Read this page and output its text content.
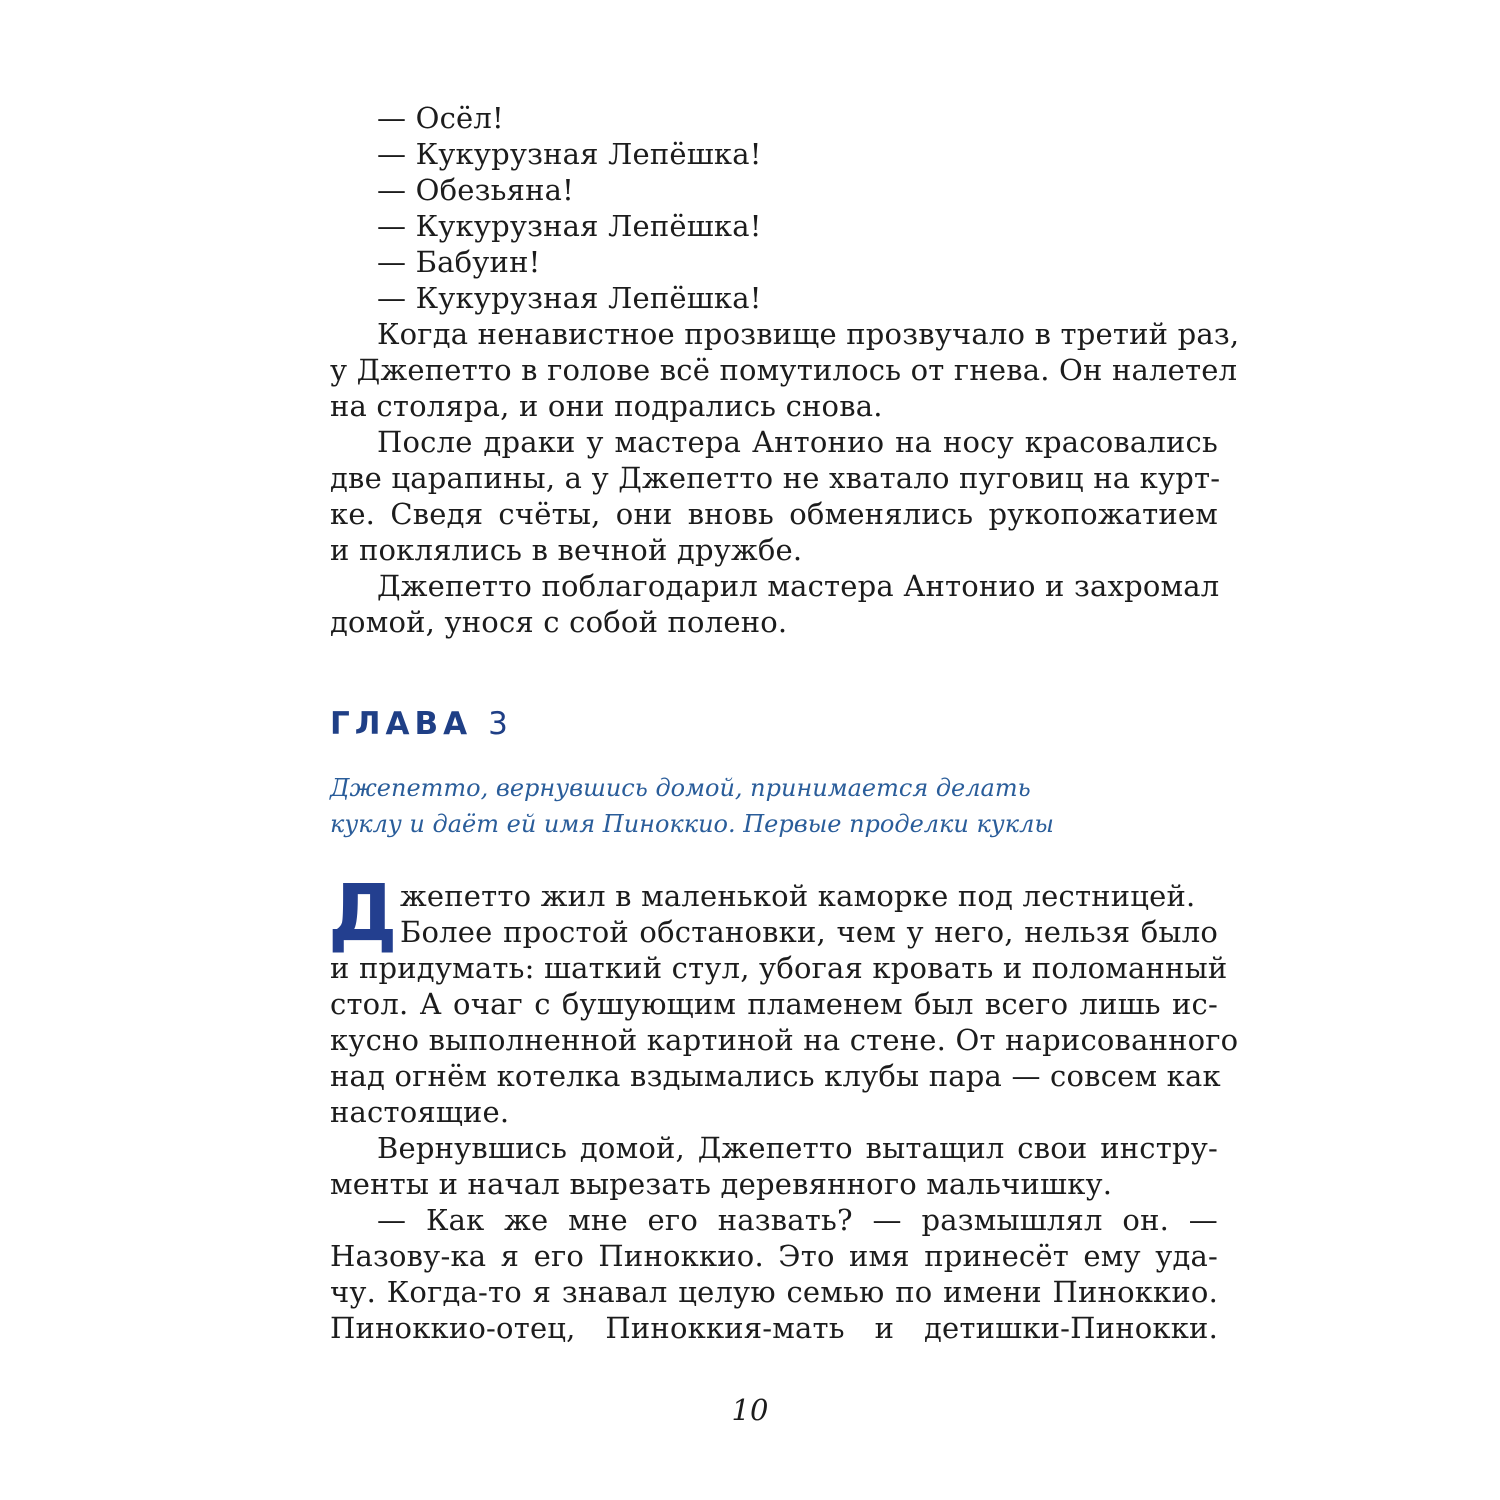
— Осёл!
— Кукурузная Лепёшка!
— Обезьяна!
— Кукурузная Лепёшка!
— Бабуин!
— Кукурузная Лепёшка!
Когда ненавистное прозвище прозвучало в третий раз,
у Джепетто в голове всё помутилось от гнева. Он налетел
на столяра, и они подрались снова.
После драки у мастера Антонио на носу красовались
две царапины, а у Джепетто не хватало пуговиц на курт-
ке. Сведя счёты, они вновь обменялись рукопожатием
и поклялись в вечной дружбе.
Джепетто поблагодарил мастера Антонио и захромал
домой, унося с собой полено.
ГЛАВА 3
Джепетто, вернувшись домой, принимается делать
куклу и даёт ей имя Пиноккио. Первые проделки куклы
Д жепетто жил в маленькой каморке под лестницей.
Более простой обстановки, чем у него, нельзя было
и придумать: шаткий стул, убогая кровать и поломанный
стол. А очаг с бушующим пламенем был всего лишь ис-
кусно выполненной картиной на стене. От нарисованного
над огнём котелка вздымались клубы пара — совсем как
настоящие.
Вернувшись домой, Джепетто вытащил свои инстру-
менты и начал вырезать деревянного мальчишку.
— Как же мне его назвать? — размышлял он. —
Назову-ка я его Пиноккио. Это имя принесёт ему уда-
чу. Когда-то я знавал целую семью по имени Пиноккио.
Пиноккио-отец, Пиноккия-мать и детишки-Пинокки.
10
